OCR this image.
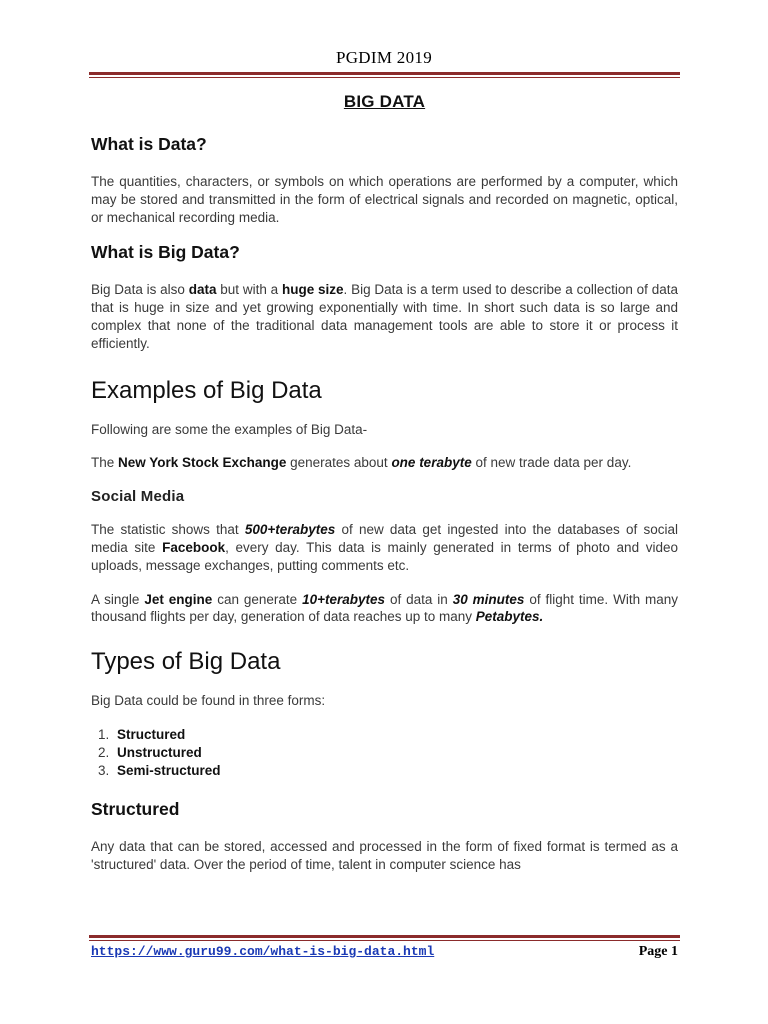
PGDIM 2019
BIG DATA
What is Data?

The quantities, characters, or symbols on which operations are performed by a computer, which may be stored and transmitted in the form of electrical signals and recorded on magnetic, optical, or mechanical recording media.

What is Big Data?

Big Data is also data but with a huge size. Big Data is a term used to describe a collection of data that is huge in size and yet growing exponentially with time. In short such data is so large and complex that none of the traditional data management tools are able to store it or process it efficiently.

Examples of Big Data

Following are some the examples of Big Data-

The New York Stock Exchange generates about one terabyte of new trade data per day.

Social Media

The statistic shows that 500+terabytes of new data get ingested into the databases of social media site Facebook, every day. This data is mainly generated in terms of photo and video uploads, message exchanges, putting comments etc.

A single Jet engine can generate 10+terabytes of data in 30 minutes of flight time. With many thousand flights per day, generation of data reaches up to many Petabytes.

Types of Big Data

Big Data could be found in three forms:

1. Structured
2. Unstructured
3. Semi-structured
Structured

Any data that can be stored, accessed and processed in the form of fixed format is termed as a 'structured' data. Over the period of time, talent in computer science has

https://www.guru99.com/what-is-big-data.html	Page 1
